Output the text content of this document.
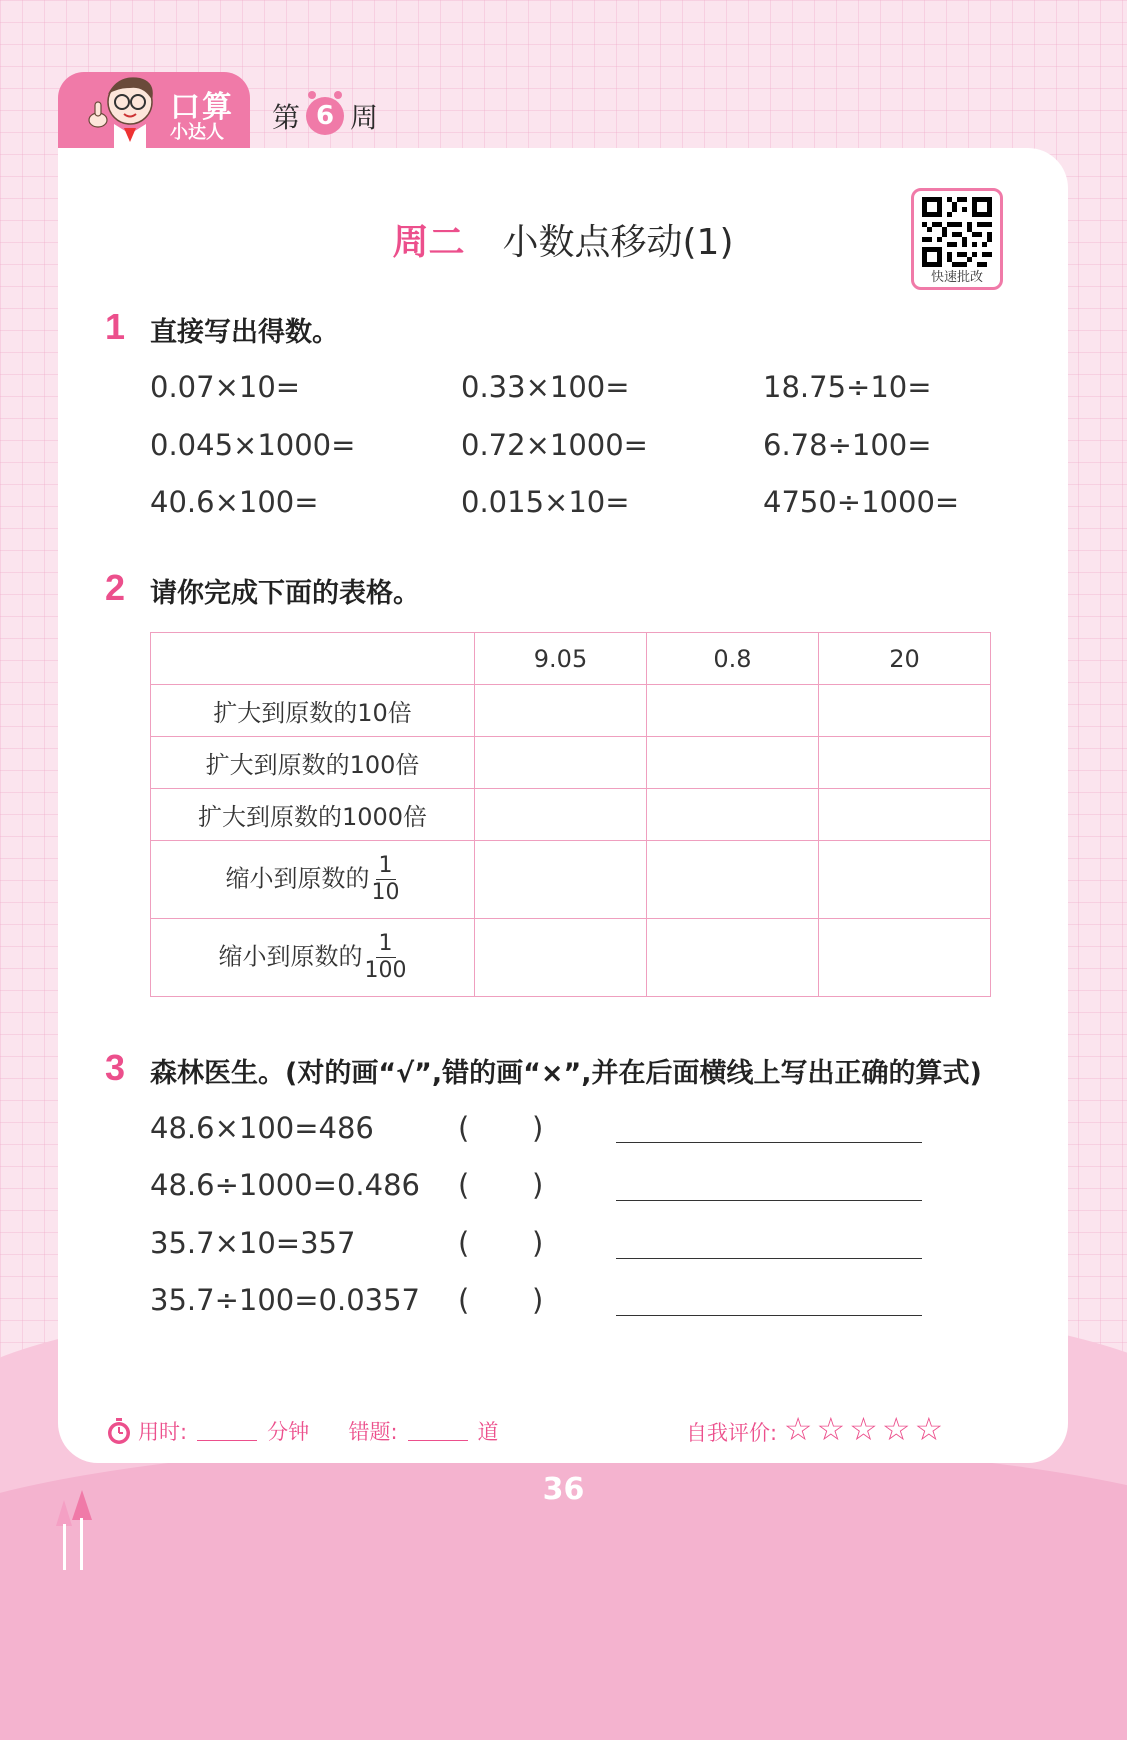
口算
小达人 第 6 周
周二 小数点移动(1)
快速批改
1 直接写出得数。
0.07×10=	0.33×100=	18.75÷10=
0.045×1000=	0.72×1000=	6.78÷100=
40.6×100=	0.015×10=	4750÷1000=
2 请你完成下面的表格。
	9.05	0.8	20
扩大到原数的10倍			
扩大到原数的100倍			
扩大到原数的1000倍			
缩小到原数的 $\frac{1}{10}$

缩小到原数的 $\frac{1}{100}$

3 森林医生。(对的画“√”,错的画“×”,并在后面横线上写出正确的算式)
48.6×100=486	( )
48.6÷1000=0.486 ( )
35.7×10=357	( )
35.7÷100=0.0357 ( )
用时:	分钟 错题:	道	自我评价: ☆☆☆☆☆
36
